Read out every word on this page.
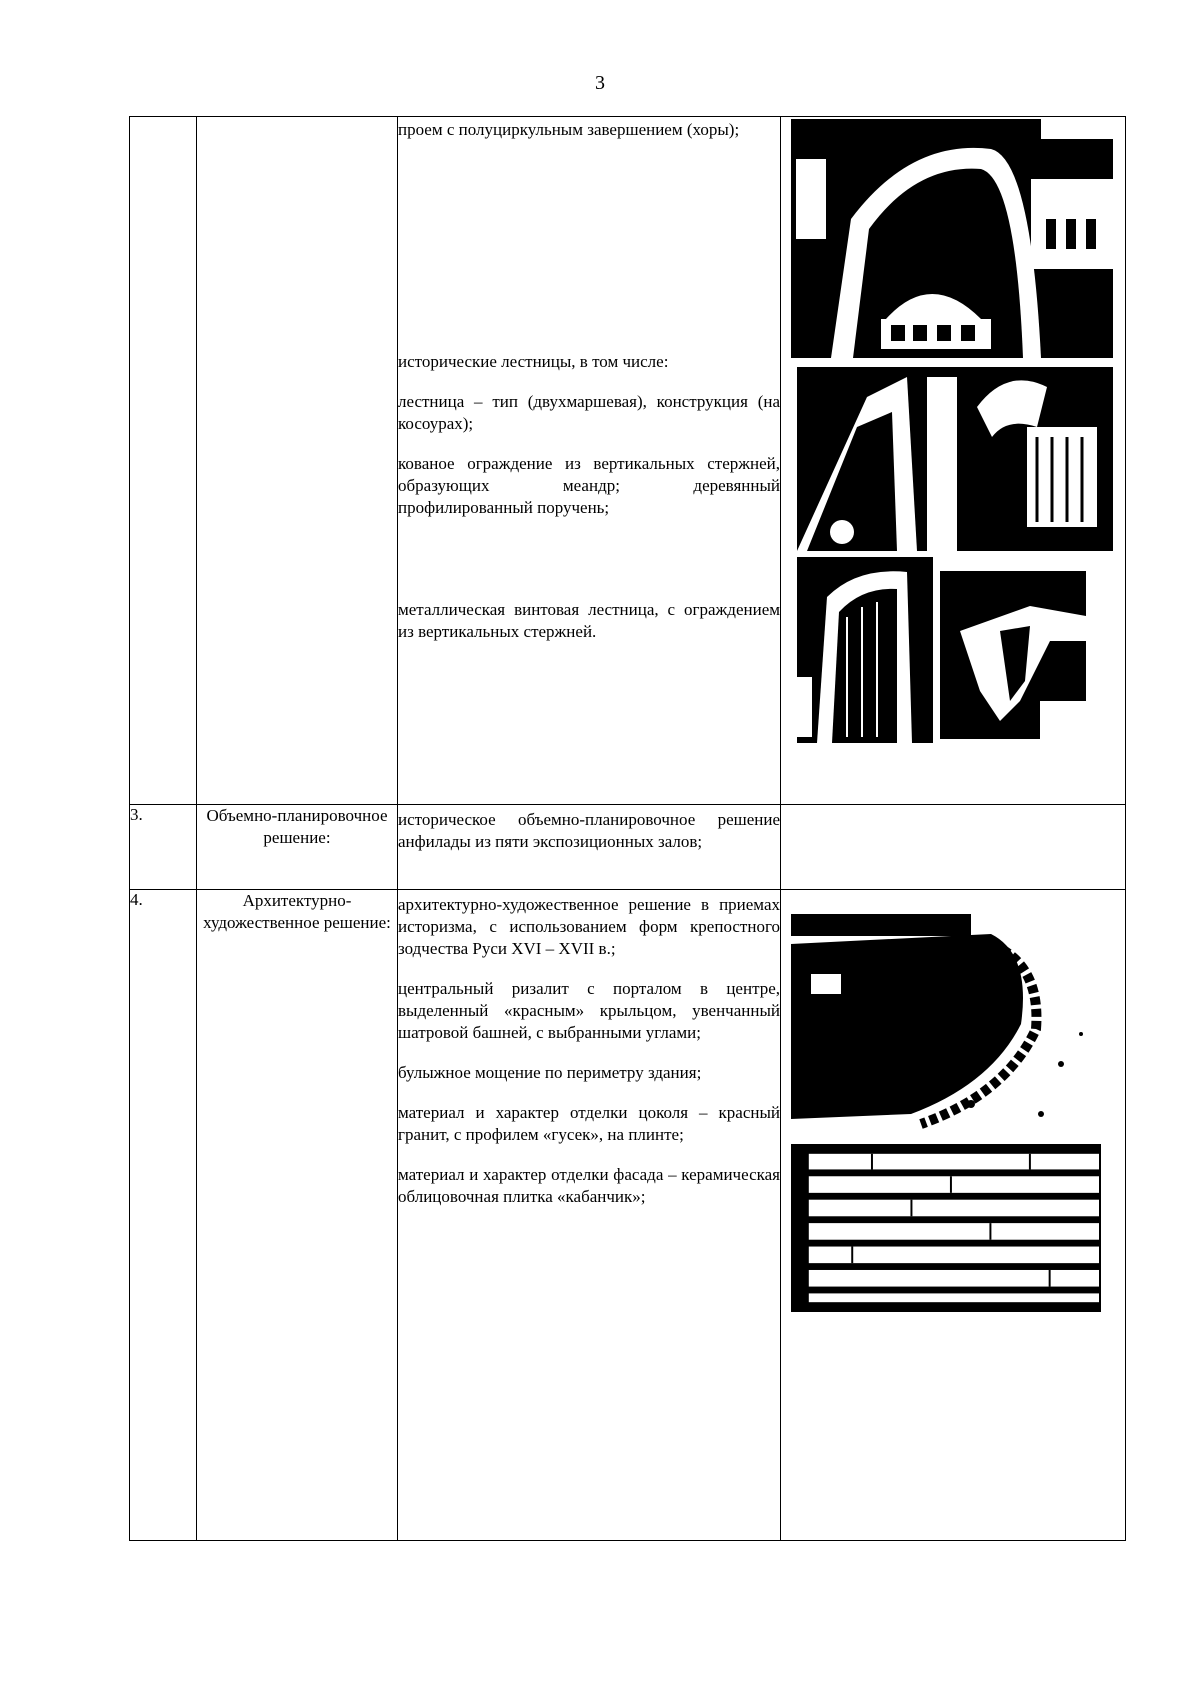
3

		проем с полуциркульным завершением (хоры);

исторические лестницы, в том числе:

лестница – тип (двухмаршевая), конструкция (на косоурах);

кованое ограждение из вертикальных стержней, образующих меандр; деревянный профилированный поручень;

металлическая винтовая лестница, с ограждением из вертикальных стержней.

3.	Объемно-планировочное решение:	историческое объемно-планировочное решение анфилады из пяти экспозиционных залов;	

4.	Архитектурно-художественное решение:	архитектурно-художественное решение в приемах историзма, с использованием форм крепостного зодчества Руси XVI – XVII в.;

центральный ризалит с порталом в центре, выделенный «красным» крыльцом, увенчанный шатровой башней, с выбранными углами;

булыжное мощение по периметру здания;

материал и характер отделки цоколя – красный гранит, с профилем «гусек», на плинте;

материал и характер отделки фасада – керамическая облицовочная плитка «кабанчик»;
